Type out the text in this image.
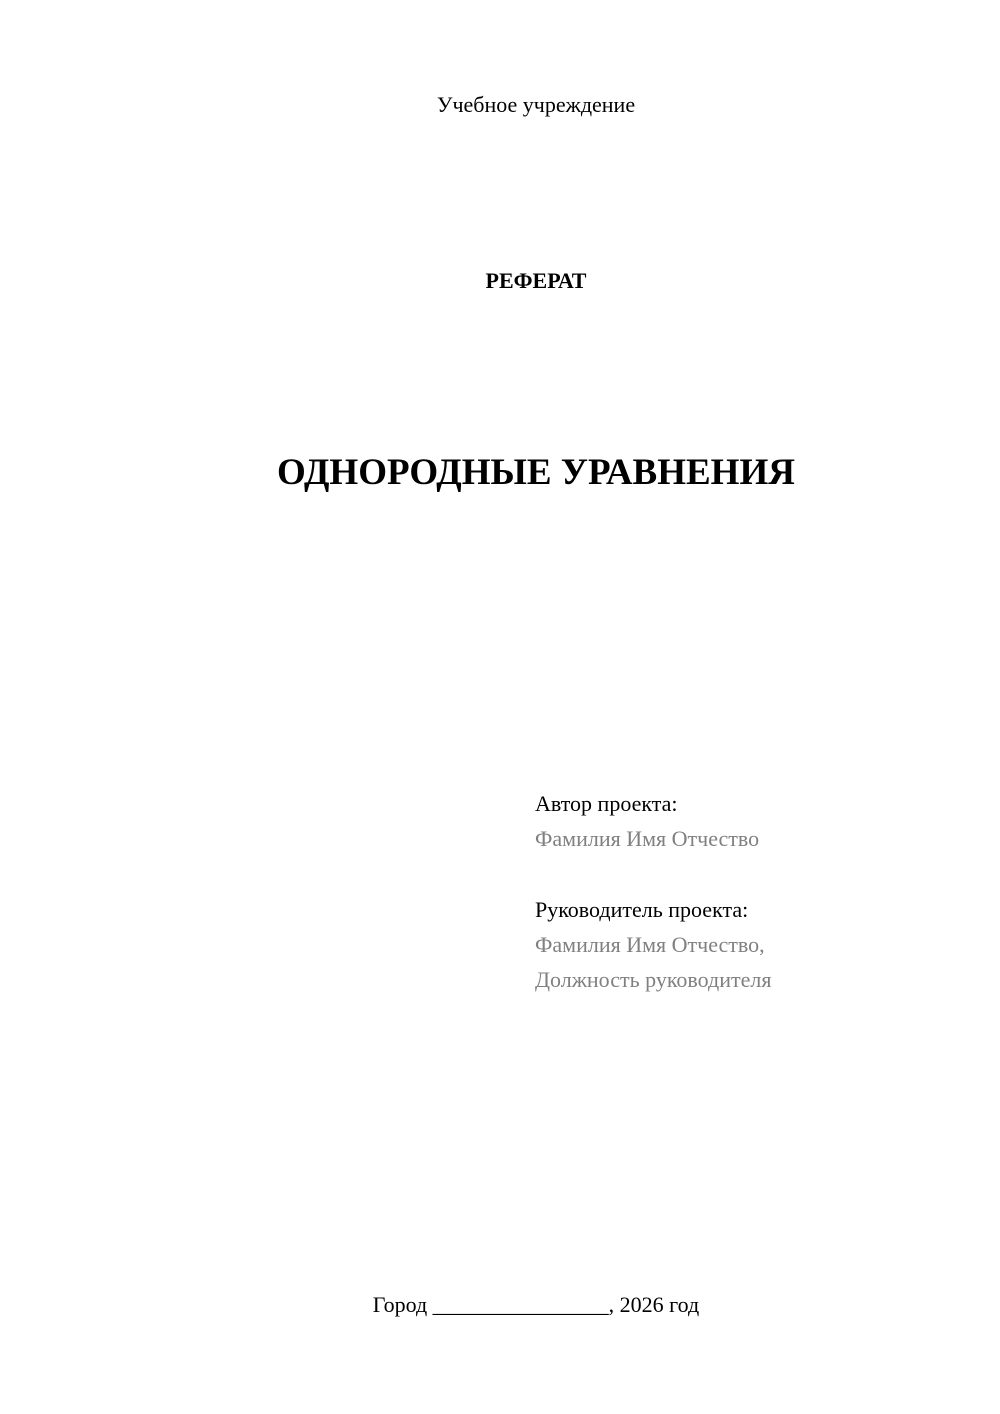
Учебное учреждение
РЕФЕРАТ
ОДНОРОДНЫЕ УРАВНЕНИЯ
Автор проекта:
Фамилия Имя Отчество
Руководитель проекта:
Фамилия Имя Отчество,
Должность руководителя
Город ________________, 2026 год
